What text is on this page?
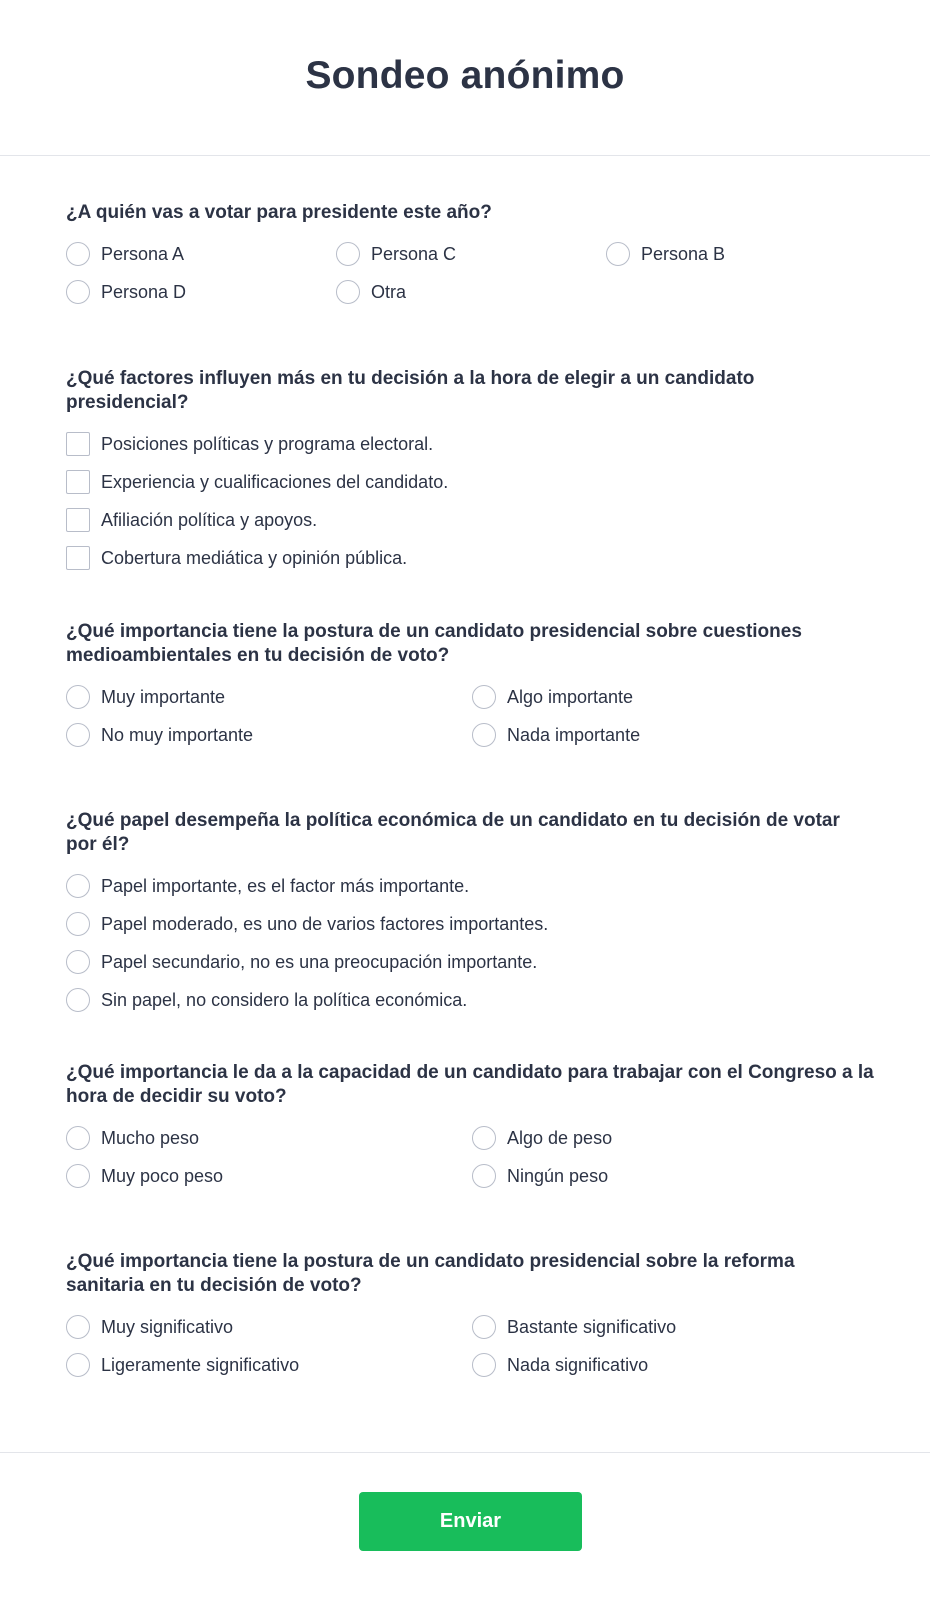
Sondeo anónimo
¿A quién vas a votar para presidente este año?
Persona A	Persona C	Persona B
Persona D	Otra
¿Qué factores influyen más en tu decisión a la hora de elegir a un candidato presidencial?
Posiciones políticas y programa electoral.
Experiencia y cualificaciones del candidato.
Afiliación política y apoyos.
Cobertura mediática y opinión pública.
¿Qué importancia tiene la postura de un candidato presidencial sobre cuestiones medioambientales en tu decisión de voto?
Muy importante	Algo importante
No muy importante	Nada importante
¿Qué papel desempeña la política económica de un candidato en tu decisión de votar por él?
Papel importante, es el factor más importante.
Papel moderado, es uno de varios factores importantes.
Papel secundario, no es una preocupación importante.
Sin papel, no considero la política económica.
¿Qué importancia le da a la capacidad de un candidato para trabajar con el Congreso a la hora de decidir su voto?
Mucho peso	Algo de peso
Muy poco peso	Ningún peso
¿Qué importancia tiene la postura de un candidato presidencial sobre la reforma sanitaria en tu decisión de voto?
Muy significativo	Bastante significativo
Ligeramente significativo	Nada significativo
Enviar
